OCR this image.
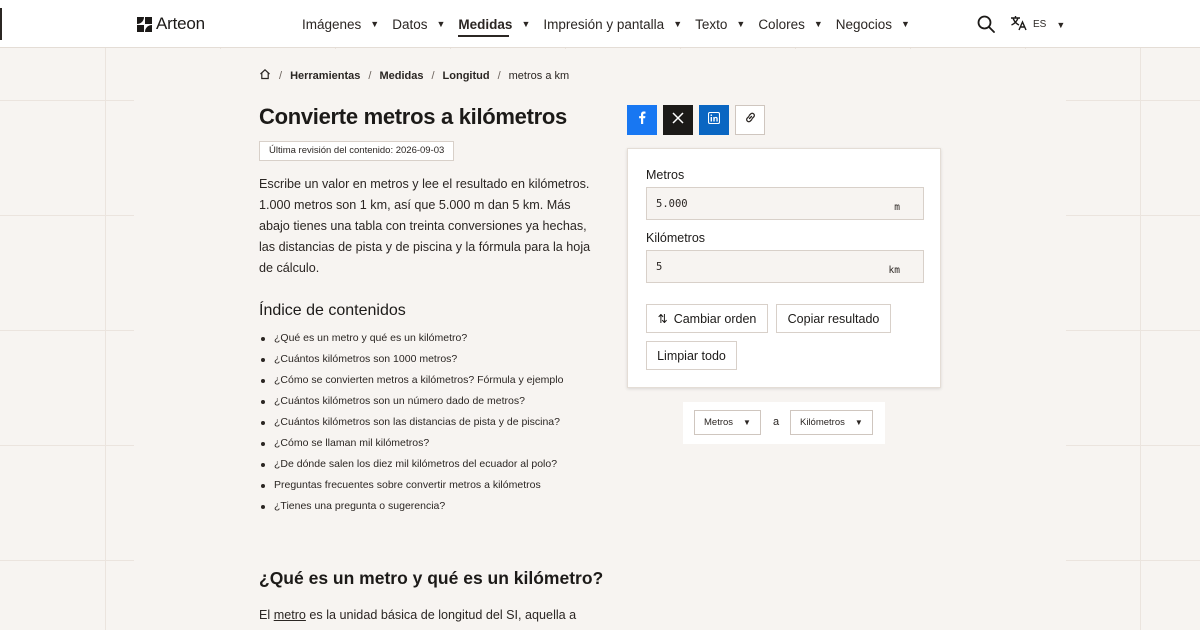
Arteon	Imágenes ▼ Datos ▼ Medidas ▼ Impresión y pantalla ▼ Texto ▼ Colores ▼ Negocios ▼	ES ▼
/ Herramientas / Medidas / Longitud / metros a km
Convierte metros a kilómetros
Última revisión del contenido: 2026-09-03

Escribe un valor en metros y lee el resultado en kilómetros. 1.000 metros son 1 km, así que 5.000 m dan 5 km. Más abajo tienes una tabla con treinta conversiones ya hechas, las distancias de pista y de piscina y la fórmula para la hoja de cálculo.

Índice de contenidos
¿Qué es un metro y qué es un kilómetro?
¿Cuántos kilómetros son 1000 metros?
¿Cómo se convierten metros a kilómetros? Fórmula y ejemplo
¿Cuántos kilómetros son un número dado de metros?
¿Cuántos kilómetros son las distancias de pista y de piscina?
¿Cómo se llaman mil kilómetros?
¿De dónde salen los diez mil kilómetros del ecuador al polo?
Preguntas frecuentes sobre convertir metros a kilómetros
¿Tienes una pregunta o sugerencia?
¿Qué es un metro y qué es un kilómetro?

El metro es la unidad básica de longitud del SI, aquella a

Metros
5.000	m
Kilómetros
5	km
⇅ Cambiar orden	Copiar resultado
Limpiar todo
Metros ▼ a Kilómetros ▼
